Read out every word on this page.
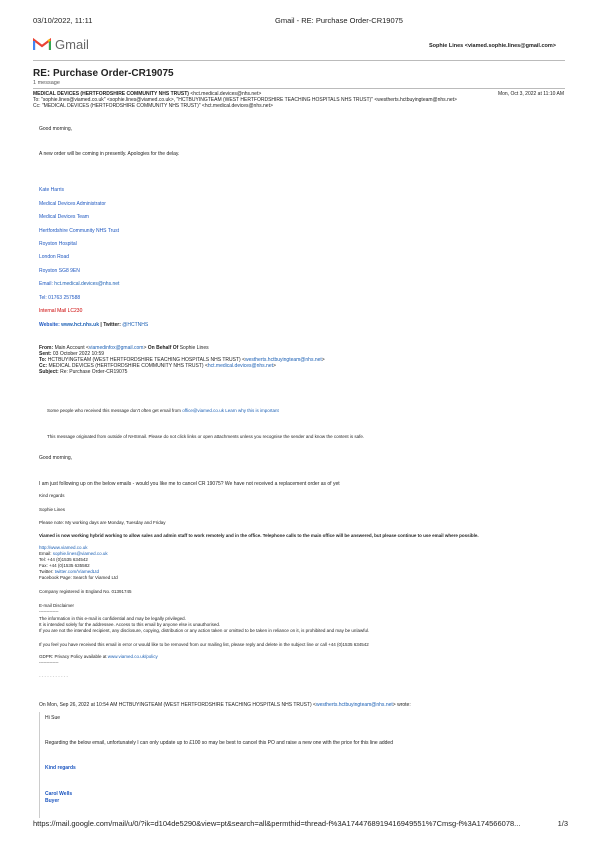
03/10/2022, 11:11	Gmail - RE: Purchase Order-CR19075
Gmail	Sophie Lines <viamed.sophie.lines@gmail.com>
RE: Purchase Order-CR19075
1 message
MEDICAL DEVICES (HERTFORDSHIRE COMMUNITY NHS TRUST) <hct.medical.devices@nhs.net>	Mon, Oct 3, 2022 at 11:10 AM
To: "sophie.lines@viamed.co.uk" <sophie.lines@viamed.co.uk>, "HCTBUYINGTEAM (WEST HERTFORDSHIRE TEACHING HOSPITALS NHS TRUST)" <westherts.hctbuyingteam@nhs.net>
Cc: "MEDICAL DEVICES (HERTFORDSHIRE COMMUNITY NHS TRUST)" <hct.medical.devices@nhs.net>
Good morning,
A new order will be coming in presently. Apologies for the delay.
Kate Harris
Medical Devices Administrator
Medical Devices Team
Hertfordshire Community NHS Trust
Royston Hospital
London Road
Royston SG8 9EN
Email: hct.medical.devices@nhs.net
Tel: 01763 257588
Internal Mail LC230
Website: www.hct.nhs.uk | Twitter: @HCTNHS
From: Main Account <viamedinfox@gmail.com> On Behalf Of Sophie Lines
Sent: 03 October 2022 10:59
To: HCTBUYINGTEAM (WEST HERTFORDSHIRE TEACHING HOSPITALS NHS TRUST) <westherts.hctbuyingteam@nhs.net>
Cc: MEDICAL DEVICES (HERTFORDSHIRE COMMUNITY NHS TRUST) <hct.medical.devices@nhs.net>
Subject: Re: Purchase Order-CR19075
Some people who received this message don't often get email from office@viamed.co.uk Learn why this is important
This message originated from outside of NHSmail. Please do not click links or open attachments unless you recognise the sender and know the content is safe.
Good morning,
I am just following up on the below emails - would you like me to cancel CR 19075? We have not received a replacement order as of yet
Kind regards
Sophie Lines
Please note: My working days are Monday, Tuesday and Friday
Viamed is now working hybrid working to allow sales and admin staff to work remotely and in the office. Telephone calls to the main office will be answered, but please continue to use email where possible.
http://www.viamed.co.uk
Email: sophie.lines@viamed.co.uk
Tel: +44 (0)1535 634542
Fax: +44 (0)1535 635582
Twitter: twitter.com/ViamedLtd
Facebook Page: Search for Viamed Ltd
Company registered in England No. 01391745
E-mail Disclaimer
-------------
The information in this e-mail is confidential and may be legally privileged.
It is intended solely for the addressee. Access to this email by anyone else is unauthorised.
If you are not the intended recipient, any disclosure, copying, distribution or any action taken or omitted to be taken in reliance on it, is prohibited and may be unlawful.
If you feel you have received this email in error or would like to be removed from our mailing list, please reply and delete in the subject line or call +44 (0)1535 634542
GDPR: Privacy Policy available at www.viamed.co.uk/policy
-------------
- - - - - - - - - - -
On Mon, Sep 26, 2022 at 10:54 AM HCTBUYINGTEAM (WEST HERTFORDSHIRE TEACHING HOSPITALS NHS TRUST) <westherts.hctbuyingteam@nhs.net> wrote:
Hi Sue
Regarding the below email, unfortunately I can only update up to £100 so may be best to cancel this PO and raise a new one with the price for this line added
Kind regards
Carol Wells
Buyer
https://mail.google.com/mail/u/0/?ik=d104de5290&view=pt&search=all&permthid=thread-f%3A1744768919416949551%7Cmsg-f%3A174566078...	1/3
